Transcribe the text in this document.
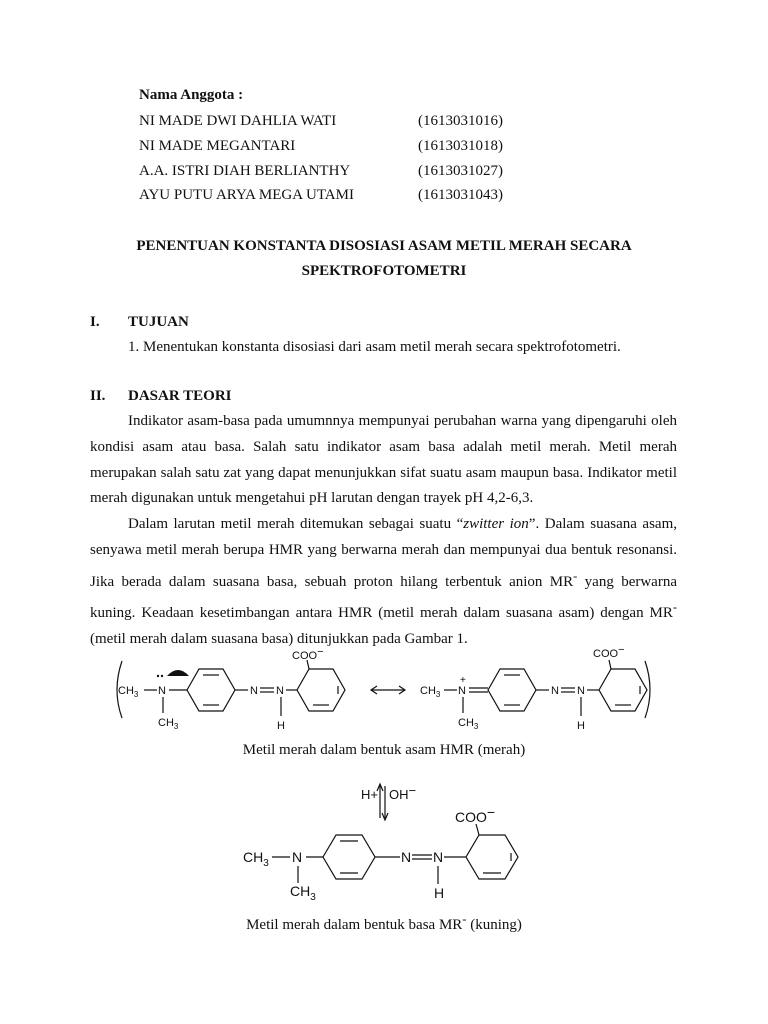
Nama Anggota :
NI MADE DWI DAHLIA WATI	(1613031016)
NI MADE MEGANTARI	(1613031018)
A.A. ISTRI DIAH BERLIANTHY	(1613031027)
AYU PUTU ARYA MEGA UTAMI	(1613031043)
PENENTUAN KONSTANTA DISOSIASI ASAM METIL MERAH SECARA
SPEKTROFOTOMETRI
I. TUJUAN
1. Menentukan konstanta disosiasi dari asam metil merah secara spektrofotometri.
II. DASAR TEORI

Indikator asam-basa pada umumnnya mempunyai perubahan warna yang dipengaruhi oleh kondisi asam atau basa. Salah satu indikator asam basa adalah metil merah. Metil merah merupakan salah satu zat yang dapat menunjukkan sifat suatu asam maupun basa. Indikator metil merah digunakan untuk mengetahui pH larutan dengan trayek pH 4,2-6,3.

Dalam larutan metil merah ditemukan sebagai suatu “zwitter ion”. Dalam suasana asam, senyawa metil merah berupa HMR yang berwarna merah dan mempunyai dua bentuk resonansi. Jika berada dalam suasana basa, sebuah proton hilang terbentuk anion MR- yang berwarna kuning. Keadaan kesetimbangan antara HMR (metil merah dalam suasana asam) dengan MR- (metil merah dalam suasana basa) ditunjukkan pada Gambar 1.

$CH_3$ N
$CH_3$
N N
H
COO−
$CH_3$ N
+
$CH_3$
N N
H
COO−
H+ OH−
$CH_3$ N
$CH_3$
N N
H
COO−
Metil merah dalam bentuk asam HMR (merah)
Metil merah dalam bentuk basa MR- (kuning)
